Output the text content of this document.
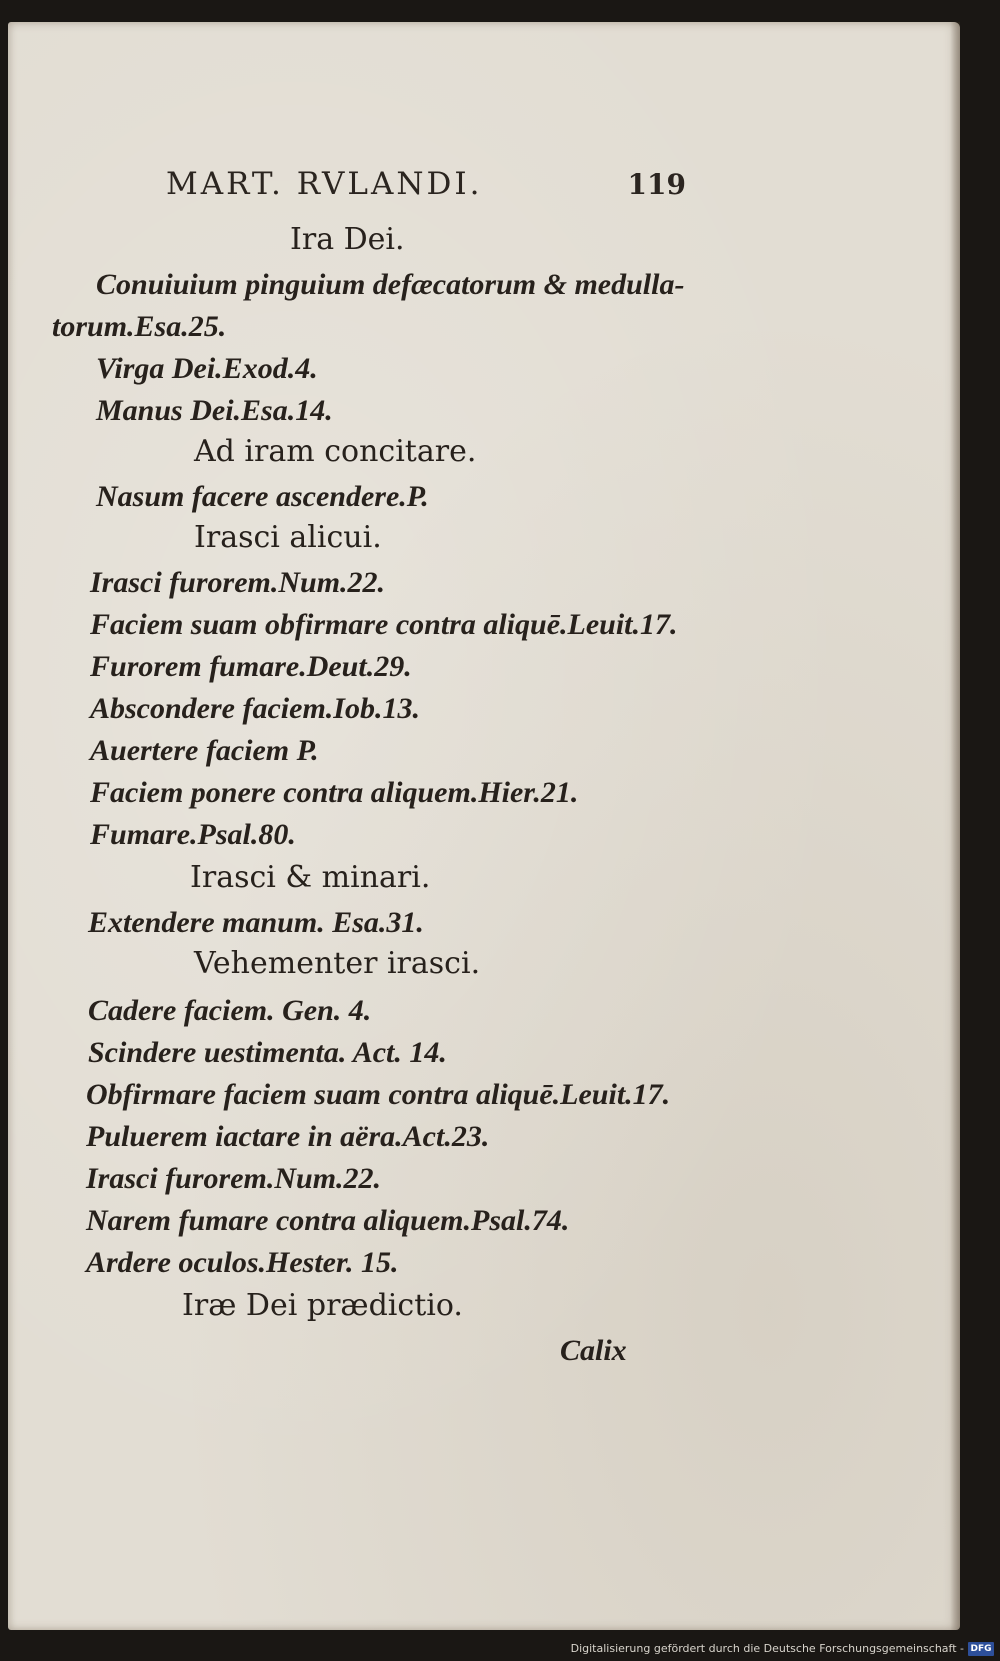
MART. RVLANDI.	119
Ira Dei.
Conuiuium pinguium defæcatorum & medulla-
torum.Esa.25.
Virga Dei.Exod.4.
Manus Dei.Esa.14.
Ad iram concitare.
Nasum facere ascendere.P.
Irasci alicui.
Irasci furorem.Num.22.
Faciem suam obfirmare contra aliquē.Leuit.17.
Furorem fumare.Deut.29.
Abscondere faciem.Iob.13.
Auertere faciem P.
Faciem ponere contra aliquem.Hier.21.
Fumare.Psal.80.
Irasci & minari.
Extendere manum. Esa.31.
Vehementer irasci.
Cadere faciem. Gen. 4.
Scindere uestimenta. Act. 14.
Obfirmare faciem suam contra aliquē.Leuit.17.
Puluerem iactare in aëra.Act.23.
Irasci furorem.Num.22.
Narem fumare contra aliquem.Psal.74.
Ardere oculos.Hester. 15.
Iræ Dei prædictio.
Calix
Digitalisierung gefördert durch die Deutsche Forschungsgemeinschaft - DFG
